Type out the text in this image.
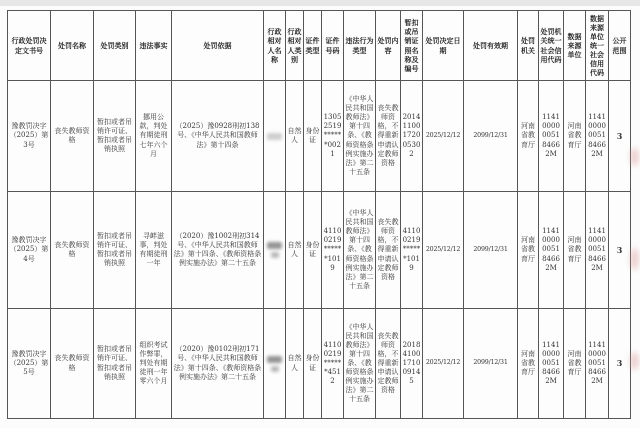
行政处罚决定文书号	处罚名称	处罚类别	违法事实	处罚依据	行政相对人名称	行政相对人类别	证件类型	证件号码	违法行为类型	处罚内容	暂扣或吊销证照名称及编号	处罚决定日期	处罚有效期	处罚机关	处罚机关统一社会信用代码	数据来源单位	数据来源单位统一社会信用代码	公开范围
豫教罚决字（2025）第3号	丧失教师资格	暂扣或者吊销许可证、暂扣或者吊销执照	挪用公款，判处有期徒刑七年六个月	（2025）豫0928刑初138号、《中华人民共和国教师法》第十四条		自然人	身份证	13052519******0021	《中华人民共和国教师法》第十四条、《教师资格条例实施办法》第二十五条	丧失教师资格，不得重新申请认定教师资格	20141100172005302	2025/12/12	2099/12/31	河南省教育厅	11410000005184662M	河南省教育厅	11410000005184662M	3
豫教罚决字（2025）第4号	丧失教师资格	暂扣或者吊销许可证、暂扣或者吊销执照	寻衅滋事，判处有期徒刑一年	（2020）豫1002刑初314号、《中华人民共和国教师法》第十四条、《教师资格条例实施办法》第二十五条		自然人	身份证	41100219******1019	《中华人民共和国教师法》第十四条、《教师资格条例实施办法》第二十五条	丧失教师资格，不得重新申请认定教师资格	41100219******1019	2025/12/12	2099/12/31	河南省教育厅	11410000005184662M	河南省教育厅	11410000005184662M	3
豫教罚决字（2025）第5号	丧失教师资格	暂扣或者吊销许可证、暂扣或者吊销执照	组织考试作弊罪，判处有期徒刑一年零六个月	（2020）豫0102刑初171号、《中华人民共和国教师法》第十四条、《教师资格条例实施办法》第二十五条		自然人	身份证	41100219******4512	《中华人民共和国教师法》第十四条、《教师资格条例实施办法》第二十五条	丧失教师资格，不得重新申请认定教师资格	20184100171009145	2025/12/12	2099/12/31	河南省教育厅	11410000005184662M	河南省教育厅	11410000005184662M	3
